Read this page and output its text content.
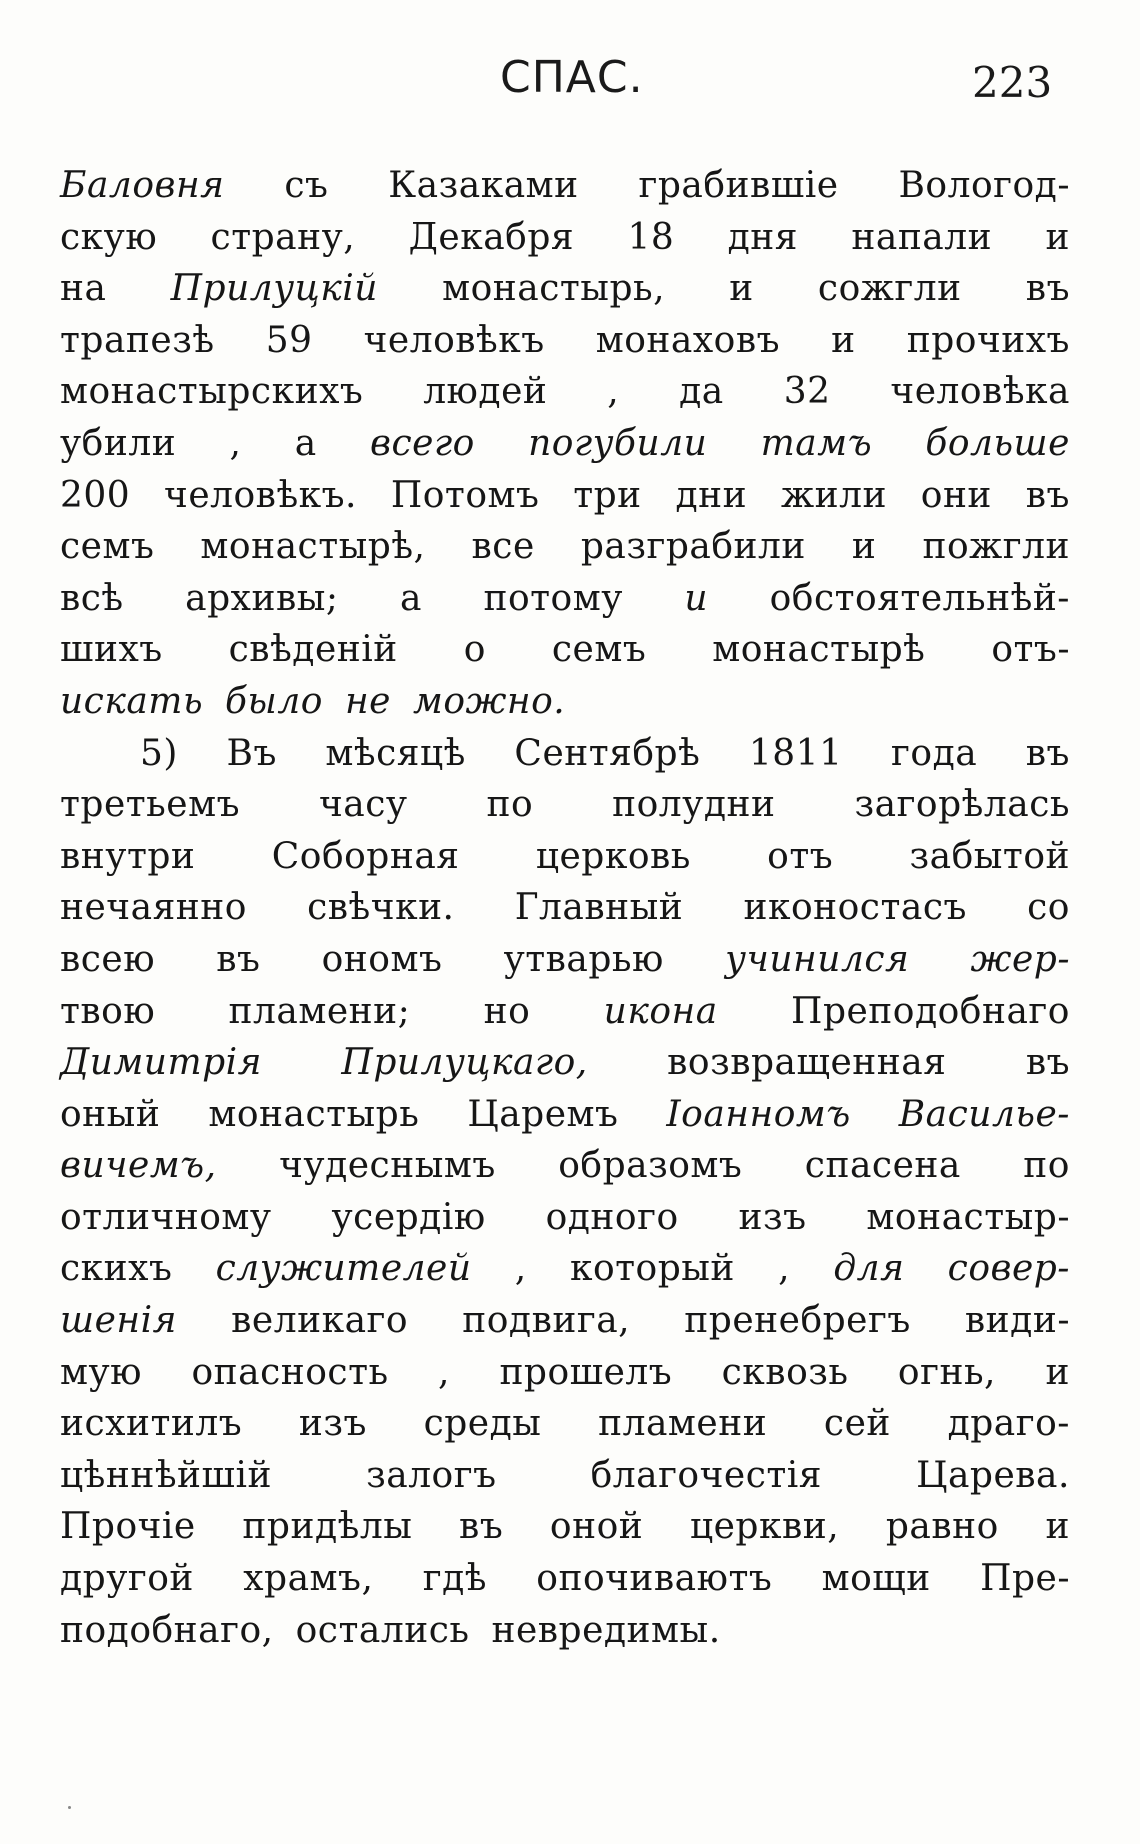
СПАС.	223
Баловня съ Казаками грабившіе Вологод-
скую страну, Декабря 18 дня напали и
на Прилуцкій монастырь, и сожгли въ
трапезѣ 59 человѣкъ монаховъ и прочихъ
монастырскихъ людей , да 32 человѣка
убили , а всего погубили тамъ больше
200 человѣкъ. Потомъ три дни жили они въ
семъ монастырѣ, все разграбили и пожгли
всѣ архивы; а потому и обстоятельнѣй-
шихъ свѣденій о семъ монастырѣ отъ-
искать было не можно.
5) Въ мѣсяцѣ Сентябрѣ 1811 года въ
третьемъ часу по полудни загорѣлась
внутри Соборная церковь отъ забытой
нечаянно свѣчки. Главный иконостасъ со
всею въ ономъ утварью учинился жер-
твою пламени; но икона Преподобнаго
Димитрія Прилуцкаго, возвращенная въ
оный монастырь Царемъ Іоанномъ Василье-
вичемъ, чудеснымъ образомъ спасена по
отличному усердію одного изъ монастыр-
скихъ служителей , который , для совер-
шенія великаго подвига, пренебрегъ види-
мую опасность , прошелъ сквозь огнь, и
исхитилъ изъ среды пламени сей драго-
цѣннѣйшій	залогъ	благочестія	Царева.
Прочіе придѣлы въ оной церкви, равно и
другой храмъ, гдѣ опочиваютъ мощи Пре-
подобнаго, остались невредимы.
